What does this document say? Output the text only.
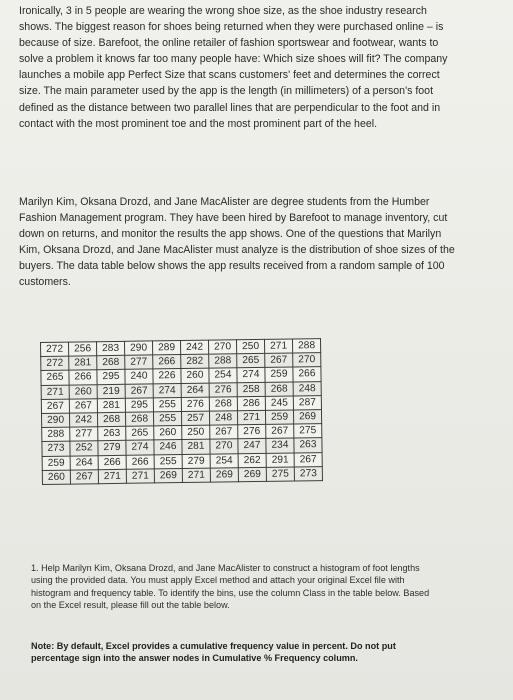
Ironically, 3 in 5 people are wearing the wrong shoe size, as the shoe industry research shows. The biggest reason for shoes being returned when they were purchased online – is because of size. Barefoot, the online retailer of fashion sportswear and footwear, wants to solve a problem it knows far too many people have: Which size shoes will fit? The company launches a mobile app Perfect Size that scans customers' feet and determines the correct size. The main parameter used by the app is the length (in millimeters) of a person's foot defined as the distance between two parallel lines that are perpendicular to the foot and in contact with the most prominent toe and the most prominent part of the heel.

Marilyn Kim, Oksana Drozd, and Jane MacAlister are degree students from the Humber Fashion Management program. They have been hired by Barefoot to manage inventory, cut down on returns, and monitor the results the app shows. One of the questions that Marilyn Kim, Oksana Drozd, and Jane MacAlister must analyze is the distribution of shoe sizes of the buyers. The data table below shows the app results received from a random sample of 100 customers.

272	256	283	290	289	242	270	250	271	288
272	281	268	277	266	282	288	265	267	270
265	266	295	240	226	260	254	274	259	266
271	260	219	267	274	264	276	258	268	248
267	267	281	295	255	276	268	286	245	287
290	242	268	268	255	257	248	271	259	269
288	277	263	265	260	250	267	276	267	275
273	252	279	274	246	281	270	247	234	263
259	264	266	266	255	279	254	262	291	267
260	267	271	271	269	271	269	269	275	273

1. Help Marilyn Kim, Oksana Drozd, and Jane MacAlister to construct a histogram of foot lengths using the provided data. You must apply Excel method and attach your original Excel file with histogram and frequency table. To identify the bins, use the column Class in the table below. Based on the Excel result, please fill out the table below.

Note: By default, Excel provides a cumulative frequency value in percent. Do not put percentage sign into the answer nodes in Cumulative % Frequency column.
